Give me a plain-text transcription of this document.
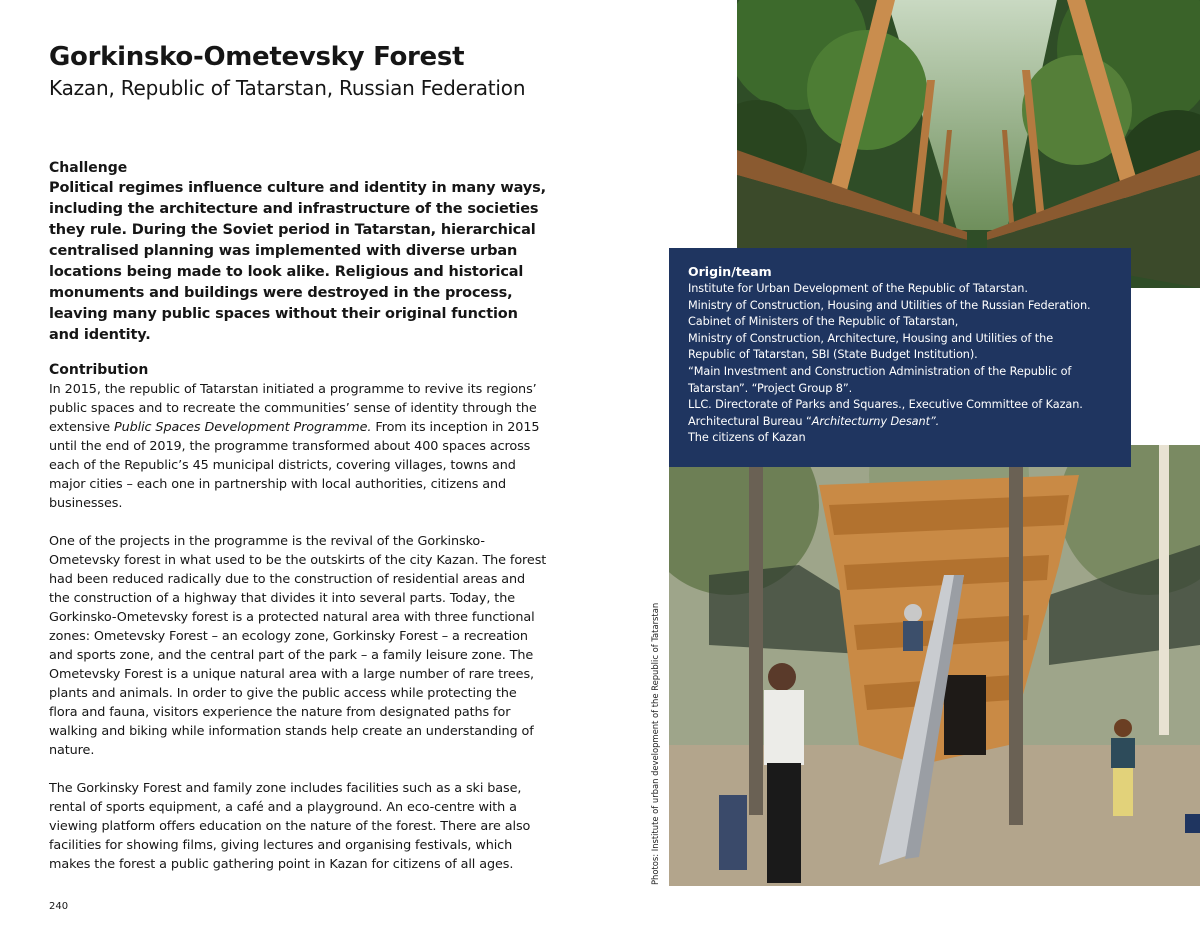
Gorkinsko-Ometevsky Forest

Kazan, Republic of Tatarstan, Russian Federation

Challenge
Political regimes influence culture and identity in many ways, including the architecture and infrastructure of the societies they rule. During the Soviet period in Tatarstan, hierarchical centralised planning was implemented with diverse urban locations being made to look alike. Religious and historical monuments and buildings were destroyed in the process, leaving many public spaces without their original function and identity.
Contribution

In 2015, the republic of Tatarstan initiated a programme to revive its regions’ public spaces and to recreate the communities’ sense of identity through the extensive Public Spaces Development Programme. From its inception in 2015 until the end of 2019, the programme transformed about 400 spaces across each of the Republic’s 45 municipal districts, covering villages, towns and major cities – each one in partnership with local authorities, citizens and businesses.

One of the projects in the programme is the revival of the Gorkinsko-Ometevsky forest in what used to be the outskirts of the city Kazan. The forest had been reduced radically due to the construction of residential areas and the construction of a highway that divides it into several parts. Today, the Gorkinsko-Ometevsky forest is a protected natural area with three functional zones: Ometevsky Forest – an ecology zone, Gorkinsky Forest – a recreation and sports zone, and the central part of the park – a family leisure zone. The Ometevsky Forest is a unique natural area with a large number of rare trees, plants and animals. In order to give the public access while protecting the flora and fauna, visitors experience the nature from designated paths for walking and biking while information stands help create an understanding of nature.

The Gorkinsky Forest and family zone includes facilities such as a ski base, rental of sports equipment, a café and a playground. An eco-centre with a viewing platform offers education on the nature of the forest. There are also facilities for showing films, giving lectures and organising festivals, which makes the forest a public gathering point in Kazan for citizens of all ages.

240
Photos: Institute of urban development of the Republic of Tatarstan
Origin/team
Institute for Urban Development of the Republic of Tatarstan.
Ministry of Construction, Housing and Utilities of the Russian Federation.
Cabinet of Ministers of the Republic of Tatarstan,
Ministry of Construction, Architecture, Housing and Utilities of the
Republic of Tatarstan, SBI (State Budget Institution).
“Main Investment and Construction Administration of the Republic of
Tatarstan”. “Project Group 8”.
LLC. Directorate of Parks and Squares., Executive Committee of Kazan.
Architectural Bureau “Architecturny Desant”.
The citizens of Kazan
